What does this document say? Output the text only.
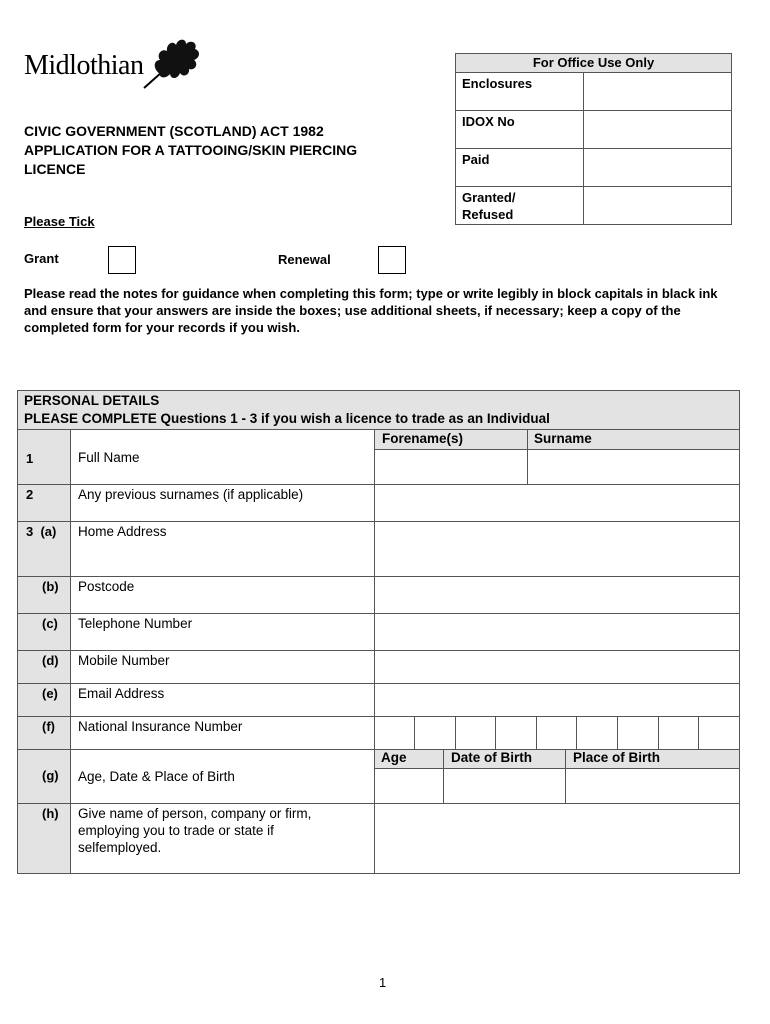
Midlothian	For Office Use Only
Enclosures
IDOX No
Paid
Granted/
Refused
CIVIC GOVERNMENT (SCOTLAND) ACT 1982
APPLICATION FOR A TATTOOING/SKIN PIERCING
LICENCE
Please Tick
Grant	Renewal
Please read the notes for guidance when completing this form; type or write legibly in block capitals in black ink and ensure that your answers are inside the boxes; use additional sheets, if necessary; keep a copy of the completed form for your records if you wish.
PERSONAL DETAILS
PLEASE COMPLETE Questions 1 - 3 if you wish a licence to trade as an Individual
Forename(s)	Surname
1	Full Name
2	Any previous surnames (if applicable)
3  (a) Home Address
(b) Postcode
(c) Telephone Number
(d) Mobile Number
(e) Email Address
(f) National Insurance Number
Age	Date of Birth	Place of Birth
(g) Age, Date & Place of Birth
(h) Give name of person, company or firm,
employing you to trade or state if
selfemployed.
1
